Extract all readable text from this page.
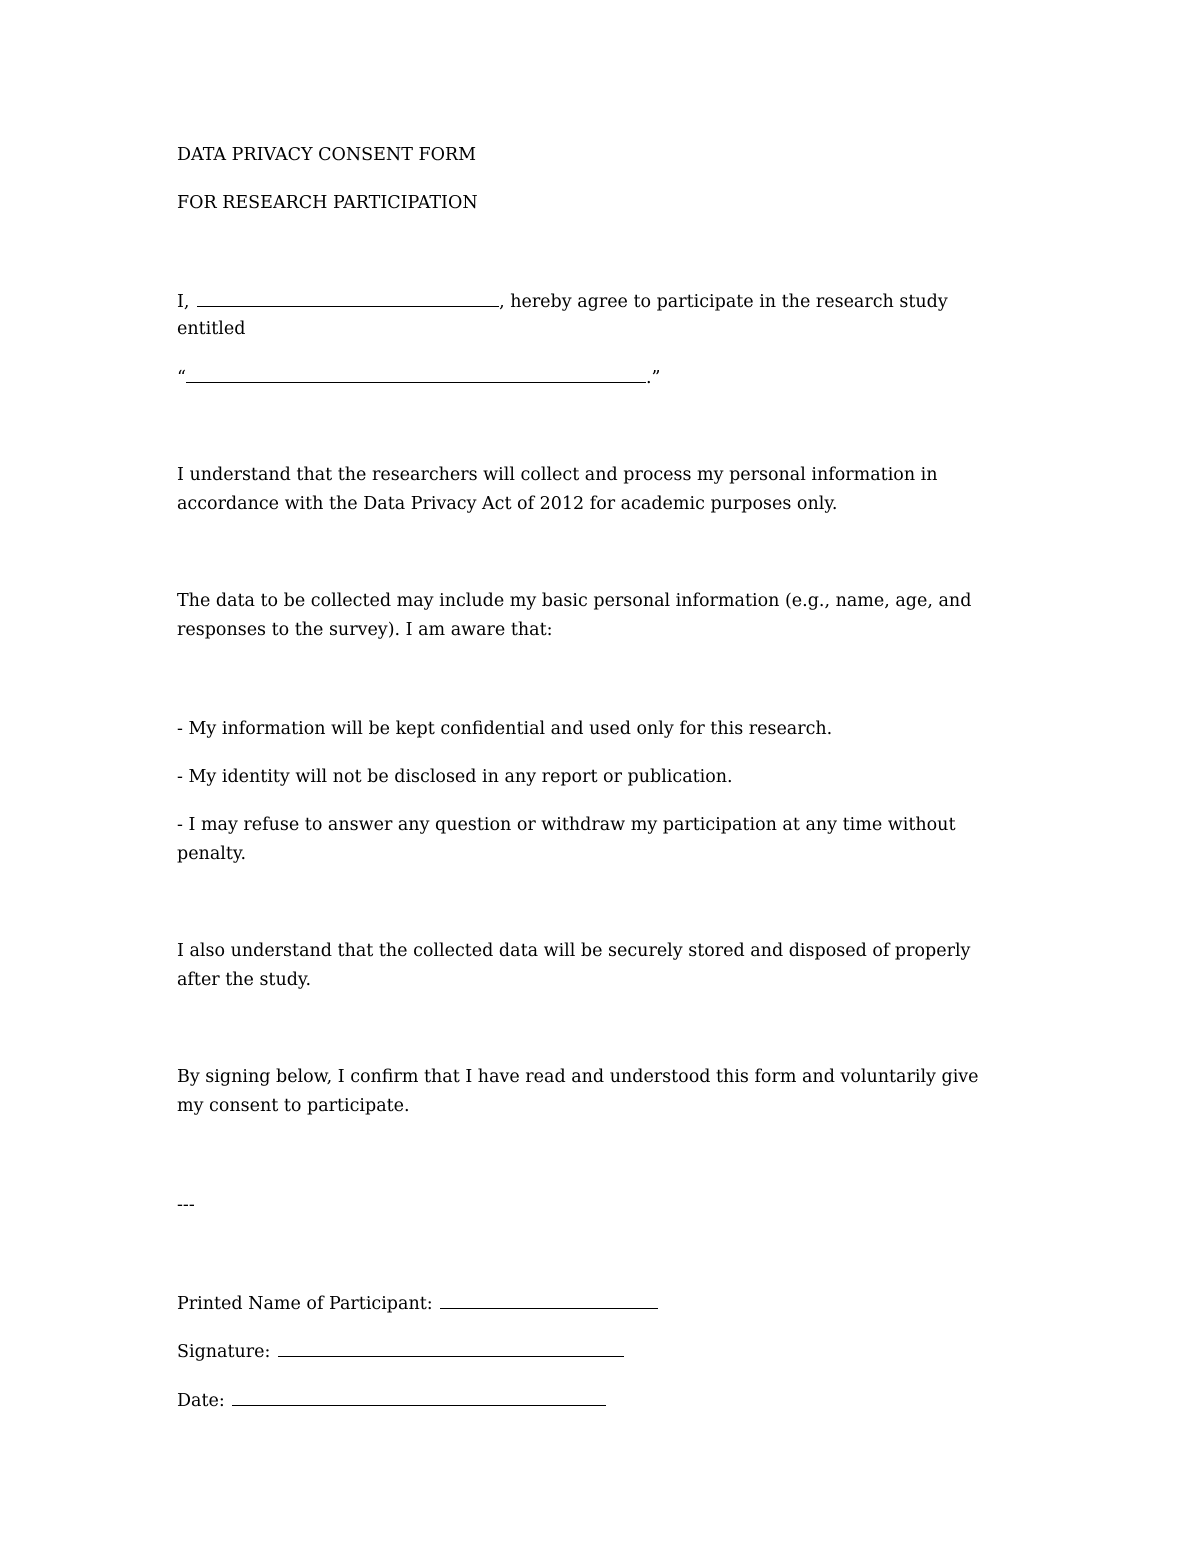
DATA PRIVACY CONSENT FORM
FOR RESEARCH PARTICIPATION
I,	, hereby agree to participate in the research study
entitled
“	.”

I understand that the researchers will collect and process my personal information in accordance with the Data Privacy Act of 2012 for academic purposes only.

The data to be collected may include my basic personal information (e.g., name, age, and responses to the survey). I am aware that:

- My information will be kept confidential and used only for this research.
- My identity will not be disclosed in any report or publication.

- I may refuse to answer any question or withdraw my participation at any time without penalty.

I also understand that the collected data will be securely stored and disposed of properly after the study.

By signing below, I confirm that I have read and understood this form and voluntarily give my consent to participate.

---
Printed Name of Participant:
Signature:
Date:
